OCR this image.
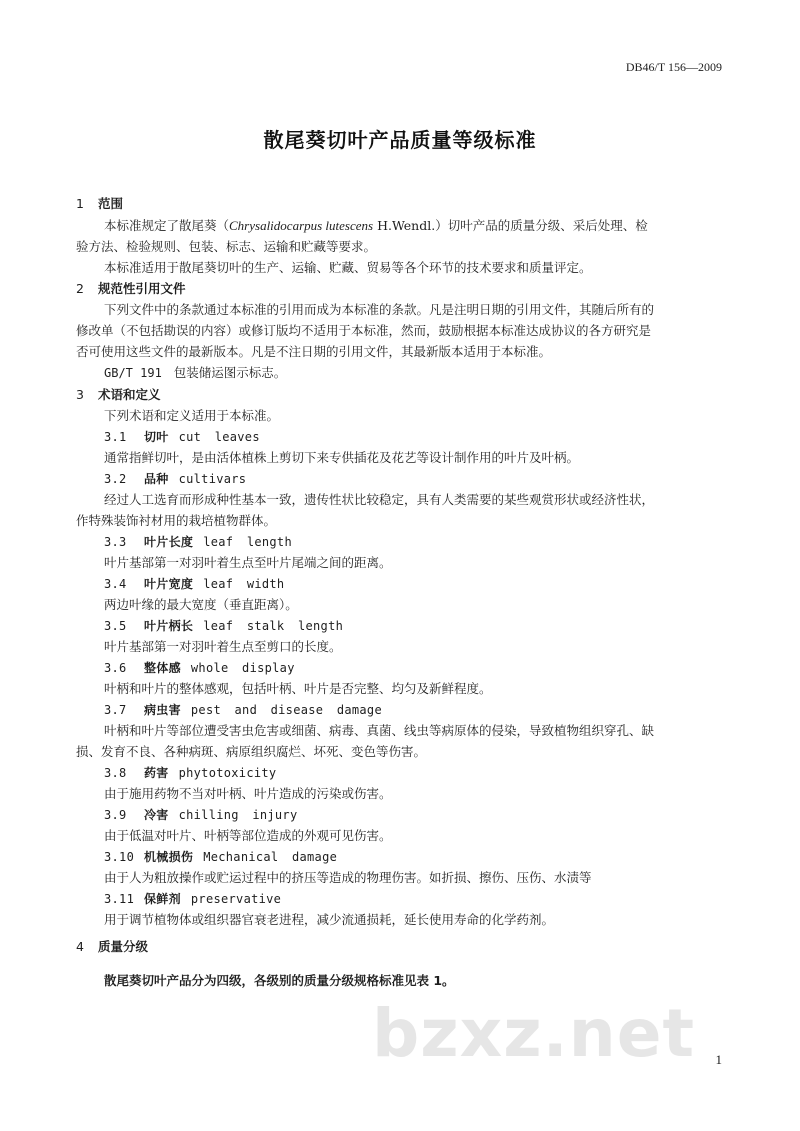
DB46/T 156—2009
散尾葵切叶产品质量等级标准
1 范围
本标准规定了散尾葵（Chrysalidocarpus lutescens H.Wendl.）切叶产品的质量分级、采后处理、检
验方法、检验规则、包装、标志、运输和贮藏等要求。
本标准适用于散尾葵切叶的生产、运输、贮藏、贸易等各个环节的技术要求和质量评定。
2 规范性引用文件
下列文件中的条款通过本标准的引用而成为本标准的条款。凡是注明日期的引用文件，其随后所有的
修改单（不包括勘误的内容）或修订版均不适用于本标准，然而，鼓励根据本标准达成协议的各方研究是
否可使用这些文件的最新版本。凡是不注日期的引用文件，其最新版本适用于本标准。
GB/T 191 包装储运图示标志。
3 术语和定义
下列术语和定义适用于本标准。
3.1 切叶 cut leaves
通常指鲜切叶，是由活体植株上剪切下来专供插花及花艺等设计制作用的叶片及叶柄。
3.2 品种 cultivars
经过人工选育而形成种性基本一致，遗传性状比较稳定，具有人类需要的某些观赏形状或经济性状，
作特殊装饰衬材用的栽培植物群体。
3.3 叶片长度 leaf length
叶片基部第一对羽叶着生点至叶片尾端之间的距离。
3.4 叶片宽度 leaf width
两边叶缘的最大宽度（垂直距离）。
3.5 叶片柄长 leaf stalk length
叶片基部第一对羽叶着生点至剪口的长度。
3.6 整体感 whole display
叶柄和叶片的整体感观，包括叶柄、叶片是否完整、均匀及新鲜程度。
3.7 病虫害 pest and disease damage
叶柄和叶片等部位遭受害虫危害或细菌、病毒、真菌、线虫等病原体的侵染，导致植物组织穿孔、缺
损、发育不良、各种病斑、病原组织腐烂、坏死、变色等伤害。
3.8 药害 phytotoxicity
由于施用药物不当对叶柄、叶片造成的污染或伤害。
3.9 冷害 chilling injury
由于低温对叶片、叶柄等部位造成的外观可见伤害。
3.10 机械损伤 Mechanical damage
由于人为粗放操作或贮运过程中的挤压等造成的物理伤害。如折损、擦伤、压伤、水渍等
3.11 保鲜剂 preservative
用于调节植物体或组织器官衰老进程，减少流通损耗，延长使用寿命的化学药剂。
4 质量分级
散尾葵切叶产品分为四级，各级别的质量分级规格标准见表 1。
bzxz.net 1
